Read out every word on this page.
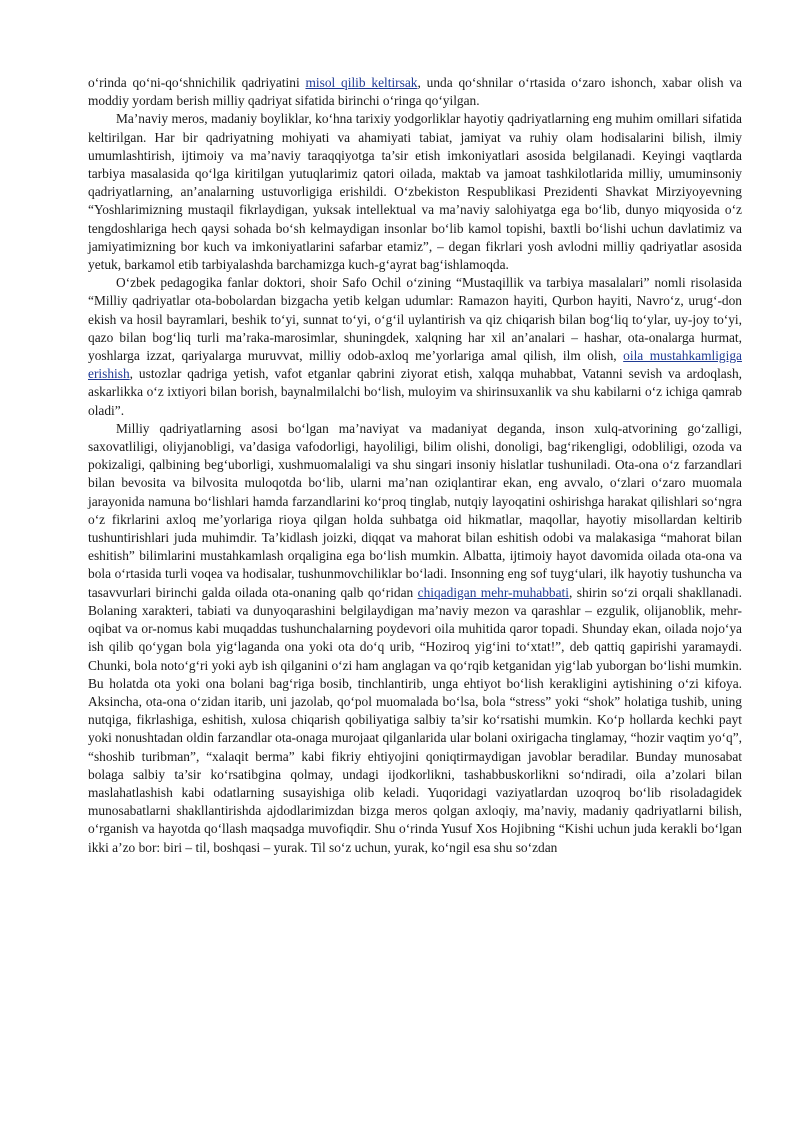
o‘rinda qo‘ni-qo‘shnichilik qadriyatini misol qilib keltirsak, unda qo‘shnilar o‘rtasida o‘zaro ishonch, xabar olish va moddiy yordam berish milliy qadriyat sifatida birinchi o‘ringa qo‘yilgan.

Ma’naviy meros, madaniy boyliklar, ko‘hna tarixiy yodgorliklar hayotiy qadriyatlarning eng muhim omillari sifatida keltirilgan. Har bir qadriyatning mohiyati va ahamiyati tabiat, jamiyat va ruhiy olam hodisalarini bilish, ilmiy umumlashtirish, ijtimoiy va ma’naviy taraqqiyotga ta’sir etish imkoniyatlari asosida belgilanadi. Keyingi vaqtlarda tarbiya masalasida qo‘lga kiritilgan yutuqlarimiz qatori oilada, maktab va jamoat tashkilotlarida milliy, umuminsoniy qadriyatlarning, an’analarning ustuvorligiga erishildi. O‘zbekiston Respublikasi Prezidenti Shavkat Mirziyoyevning “Yoshlarimizning mustaqil fikrlaydigan, yuksak intellektual va ma’naviy salohiyatga ega bo‘lib, dunyo miqyosida o‘z tengdoshlariga hech qaysi sohada bo‘sh kelmaydigan insonlar bo‘lib kamol topishi, baxtli bo‘lishi uchun davlatimiz va jamiyatimizning bor kuch va imkoniyatlarini safarbar etamiz”, – degan fikrlari yosh avlodni milliy qadriyatlar asosida yetuk, barkamol etib tarbiyalashda barchamizga kuch-g‘ayrat bag‘ishlamoqda.

O‘zbek pedagogika fanlar doktori, shoir Safo Ochil o‘zining “Mustaqillik va tarbiya masalalari” nomli risolasida “Milliy qadriyatlar ota-bobolardan bizgacha yetib kelgan udumlar: Ramazon hayiti, Qurbon hayiti, Navro‘z, urug‘-don ekish va hosil bayramlari, beshik to‘yi, sunnat to‘yi, o‘g‘il uylantirish va qiz chiqarish bilan bog‘liq to‘ylar, uy-joy to‘yi, qazo bilan bog‘liq turli ma’raka-marosimlar, shuningdek, xalqning har xil an’analari – hashar, ota-onalarga hurmat, yoshlarga izzat, qariyalarga muruvvat, milliy odob-axloq me’yorlariga amal qilish, ilm olish, oila mustahkamligiga erishish, ustozlar qadriga yetish, vafot etganlar qabrini ziyorat etish, xalqqa muhabbat, Vatanni sevish va ardoqlash, askarlikka o‘z ixtiyori bilan borish, baynalmilalchi bo‘lish, muloyim va shirinsuxanlik va shu kabilarni o‘z ichiga qamrab oladi”.

Milliy qadriyatlarning asosi bo‘lgan ma’naviyat va madaniyat deganda, inson xulq-atvorining go‘zalligi, saxovatliligi, oliyjanobligi, va’dasiga vafodorligi, hayoliligi, bilim olishi, donoligi, bag‘rikengligi, odobliligi, ozoda va pokizaligi, qalbining beg‘uborligi, xushmuomalaligi va shu singari insoniy hislatlar tushuniladi. Ota-ona o‘z farzandlari bilan bevosita va bilvosita muloqotda bo‘lib, ularni ma’nan oziqlantirar ekan, eng avvalo, o‘zlari o‘zaro muomala jarayonida namuna bo‘lishlari hamda farzandlarini ko‘proq tinglab, nutqiy layoqatini oshirishga harakat qilishlari so‘ngra o‘z fikrlarini axloq me’yorlariga rioya qilgan holda suhbatga oid hikmatlar, maqollar, hayotiy misollardan keltirib tushuntirishlari juda muhimdir. Ta’kidlash joizki, diqqat va mahorat bilan eshitish odobi va malakasiga “mahorat bilan eshitish” bilimlarini mustahkamlash orqaligina ega bo‘lish mumkin. Albatta, ijtimoiy hayot davomida oilada ota-ona va bola o‘rtasida turli voqea va hodisalar, tushunmovchiliklar bo‘ladi. Insonning eng sof tuyg‘ulari, ilk hayotiy tushuncha va tasavvurlari birinchi galda oilada ota-onaning qalb qo‘ridan chiqadigan mehr-muhabbati, shirin so‘zi orqali shakllanadi. Bolaning xarakteri, tabiati va dunyoqarashini belgilaydigan ma’naviy mezon va qarashlar – ezgulik, olijanoblik, mehr-oqibat va or-nomus kabi muqaddas tushunchalarning poydevori oila muhitida qaror topadi. Shunday ekan, oilada nojo‘ya ish qilib qo‘ygan bola yig‘laganda ona yoki ota do‘q urib, “Hoziroq yig‘ini to‘xtat!”, deb qattiq gapirishi yaramaydi. Chunki, bola noto‘g‘ri yoki ayb ish qilganini o‘zi ham anglagan va qo‘rqib ketganidan yig‘lab yuborgan bo‘lishi mumkin. Bu holatda ota yoki ona bolani bag‘riga bosib, tinchlantirib, unga ehtiyot bo‘lish kerakligini aytishining o‘zi kifoya. Aksincha, ota-ona o‘zidan itarib, uni jazolab, qo‘pol muomalada bo‘lsa, bola “stress” yoki “shok” holatiga tushib, uning nutqiga, fikrlashiga, eshitish, xulosa chiqarish qobiliyatiga salbiy ta’sir ko‘rsatishi mumkin. Ko‘p hollarda kechki payt yoki nonushtadan oldin farzandlar ota-onaga murojaat qilganlarida ular bolani oxirigacha tinglamay, “hozir vaqtim yo‘q”, “shoshib turibman”, “xalaqit berma” kabi fikriy ehtiyojini qoniqtirmaydigan javoblar beradilar. Bunday munosabat bolaga salbiy ta’sir ko‘rsatibgina qolmay, undagi ijodkorlikni, tashabbuskorlikni so‘ndiradi, oila a’zolari bilan maslahatlashish kabi odatlarning susayishiga olib keladi. Yuqoridagi vaziyatlardan uzoqroq bo‘lib risoladagidek munosabatlarni shakllantirishda ajdodlarimizdan bizga meros qolgan axloqiy, ma’naviy, madaniy qadriyatlarni bilish, o‘rganish va hayotda qo‘llash maqsadga muvofiqdir. Shu o‘rinda Yusuf Xos Hojibning “Kishi uchun juda kerakli bo‘lgan ikki a’zo bor: biri – til, boshqasi – yurak. Til so‘z uchun, yurak, ko‘ngil esa shu so‘zdan
